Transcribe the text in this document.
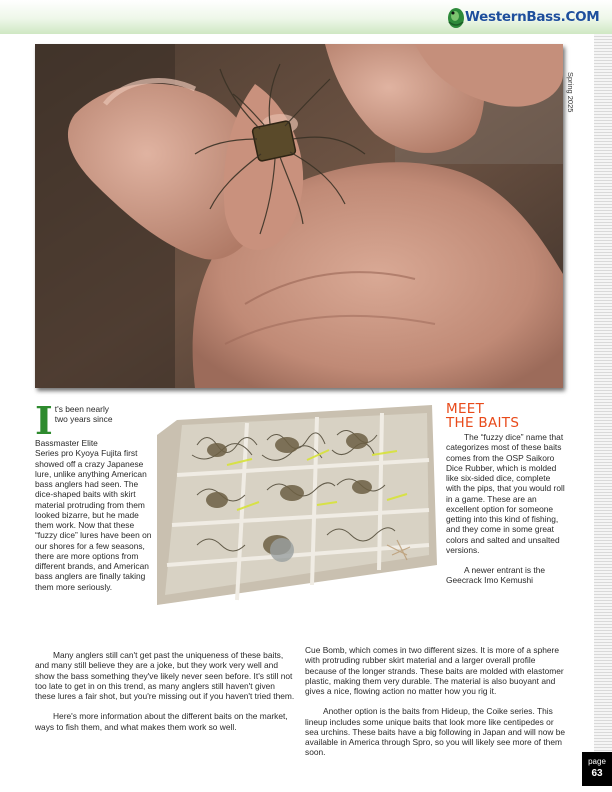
WesternBass.COM
Spring 2025
I t's been nearly

two years since

Bassmaster Elite

Series pro Kyoya Fujita first showed off a crazy Japanese lure, unlike anything American bass anglers had seen. The dice-shaped baits with skirt material protruding from them looked bizarre, but he made them work. Now that these “fuzzy dice” lures have been on our shores for a few seasons, there are more options from different brands, and American bass anglers are finally taking them more seriously.

Many anglers still can't get past the uniqueness of these baits, and many still believe they are a joke, but they work very well and show the bass something they've likely never seen before. It's still not too late to get in on this trend, as many anglers still haven't given these lures a fair shot, but you're missing out if you haven't tried them.

Here's more information about the different baits on the market, ways to fish them, and what makes them work so well.

MEET
THE BAITS

The “fuzzy dice” name that categorizes most of these baits comes from the OSP Saikoro Dice Rubber, which is molded like six-sided dice, complete with the pips, that you would roll in a game. These are an excellent option for someone getting into this kind of fishing, and they come in some great colors and salted and unsalted versions.

A newer entrant is the Geecrack Imo Kemushi

Cue Bomb, which comes in two different sizes. It is more of a sphere with protruding rubber skirt material and a larger overall profile because of the longer strands. These baits are molded with elastomer plastic, making them very durable. The material is also buoyant and gives a nice, flowing action no matter how you rig it.

Another option is the baits from Hideup, the Coike series. This lineup includes some unique baits that look more like centipedes or sea urchins. These baits have a big following in Japan and will now be available in America through Spro, so you will likely see more of them soon.

page
63
